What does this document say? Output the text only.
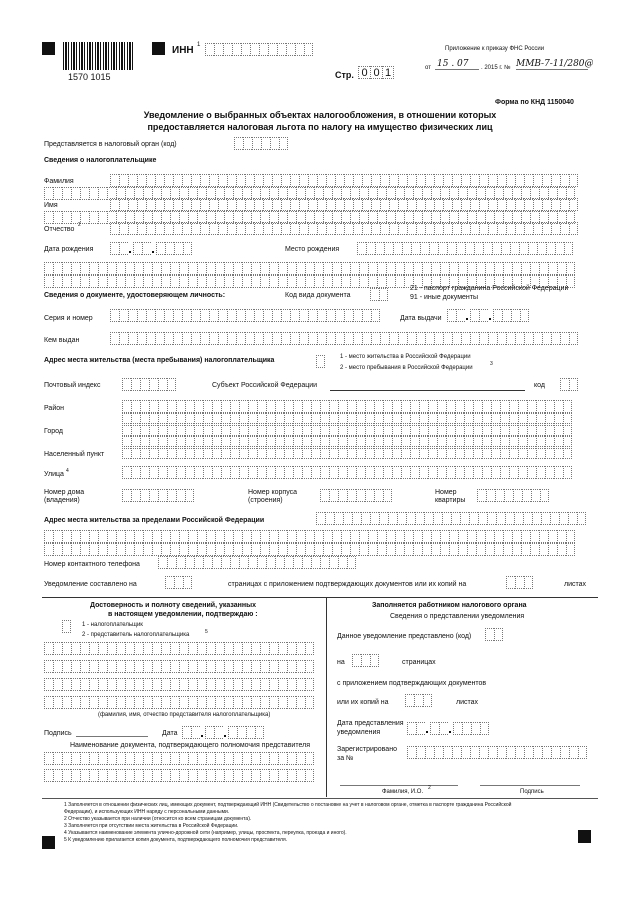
1570 1015
ИНН 1
Стр. 0 0 1
Приложение к приказу ФНС России
от 15 . 07 . 2015 г. № ММВ-7-11/280@
Форма по КНД 1150040
Уведомление о выбранных объектах налогообложения, в отношении которых
предоставляется налоговая льгота по налогу на имущество физических лиц
Представляется в налоговый орган (код)
Сведения о налогоплательщике
Фамилия
Имя
Отчество
2
Дата рождения	Место рождения
Сведения о документе, удостоверяющем личность:	Код вида документа
21 - паспорт гражданина Российской Федерации
91 - иные документы
Серия и номер	Дата выдачи
Кем выдан
Адрес места жительства (места пребывания) налогоплательщика	1 - место жительства в Российской Федерации
2 - место пребывания в Российской Федерации
3
Почтовый индекс	Субъект Российской Федерации	код
Район
Город
Населенный пункт
Улица 4
Номер дома
(владения)
Номер корпуса
(строения)
Номер
квартиры
Адрес места жительства за пределами Российской Федерации
Номер контактного телефона
Уведомление составлено на	страницах с приложением подтверждающих документов или их копий на	листах
Достоверность и полноту сведений, указанных
в настоящем уведомлении, подтверждаю :
1 - налогоплательщик
2 - представитель налогоплательщика	5
(фамилия, имя, отчество представителя налогоплательщика)
Подпись	Дата
Наименование документа, подтверждающего полномочия представителя
Заполняется работником налогового органа
Сведения о представлении уведомления
Данное уведомление представлено (код)
на	страницах
с приложением подтверждающих документов
или их копий на	листах
Дата представления
уведомления
Зарегистрировано
за №
Фамилия, И.О.
2
Подпись
1 Заполняется в отношении физических лиц, имеющих документ, подтверждающий ИНН (Свидетельство о постановке на учет в налоговом органе, отметка в паспорте гражданина Российской
Федерации), и использующих ИНН наряду с персональными данными.
2 Отчество указывается при наличии (относится ко всем страницам документа).
3 Заполняется при отсутствии места жительства в Российской Федерации.
4 Указывается наименование элемента улично-дорожной сети (например, улицы, проспекта, переулка, проезда и иного).
5 К уведомлению прилагается копия документа, подтверждающего полномочия представителя.
